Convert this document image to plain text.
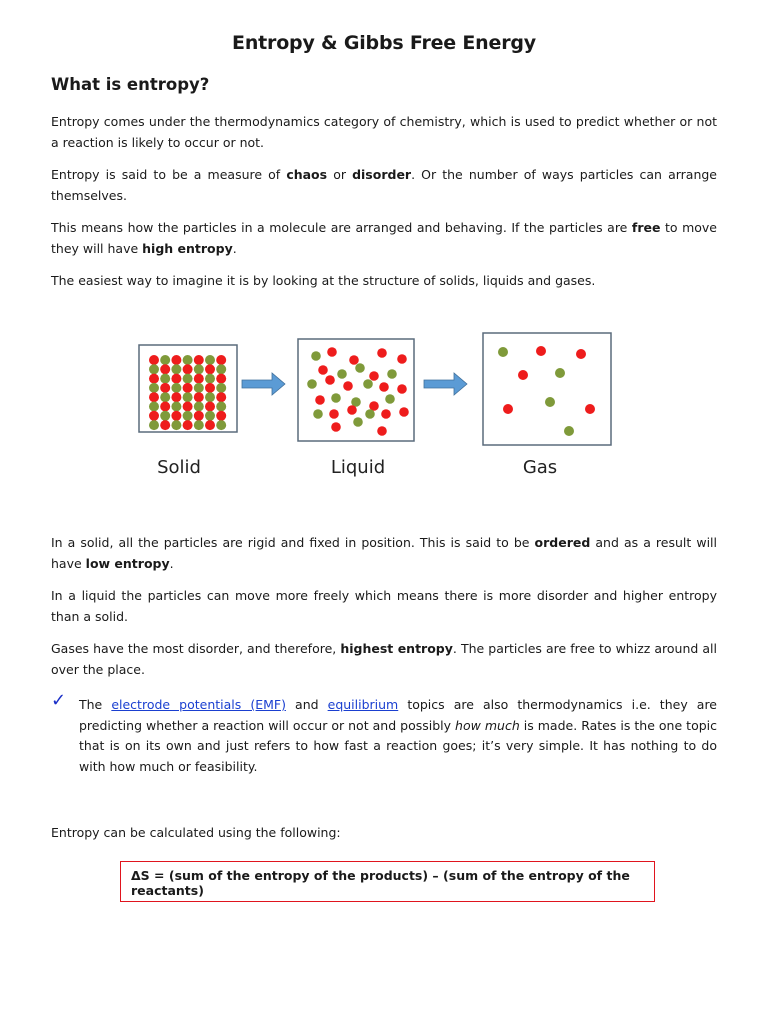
Entropy & Gibbs Free Energy
What is entropy?

Entropy comes under the thermodynamics category of chemistry, which is used to predict whether or not a reaction is likely to occur or not.

Entropy is said to be a measure of chaos or disorder. Or the number of ways particles can arrange themselves.

This means how the particles in a molecule are arranged and behaving. If the particles are free to move they will have high entropy.

The easiest way to imagine it is by looking at the structure of solids, liquids and gases.

Solid	Liquid	Gas

In a solid, all the particles are rigid and fixed in position. This is said to be ordered and as a result will have low entropy.

In a liquid the particles can move more freely which means there is more disorder and higher entropy than a solid.

Gases have the most disorder, and therefore, highest entropy. The particles are free to whizz around all over the place.

✓ The electrode potentials (EMF) and equilibrium topics are also thermodynamics i.e. they are predicting whether a reaction will occur or not and possibly how much is made. Rates is the one topic that is on its own and just refers to how fast a reaction goes; it’s very simple. It has nothing to do with how much or feasibility.

Entropy can be calculated using the following:

ΔS = (sum of the entropy of the products) – (sum of the entropy of the reactants)
